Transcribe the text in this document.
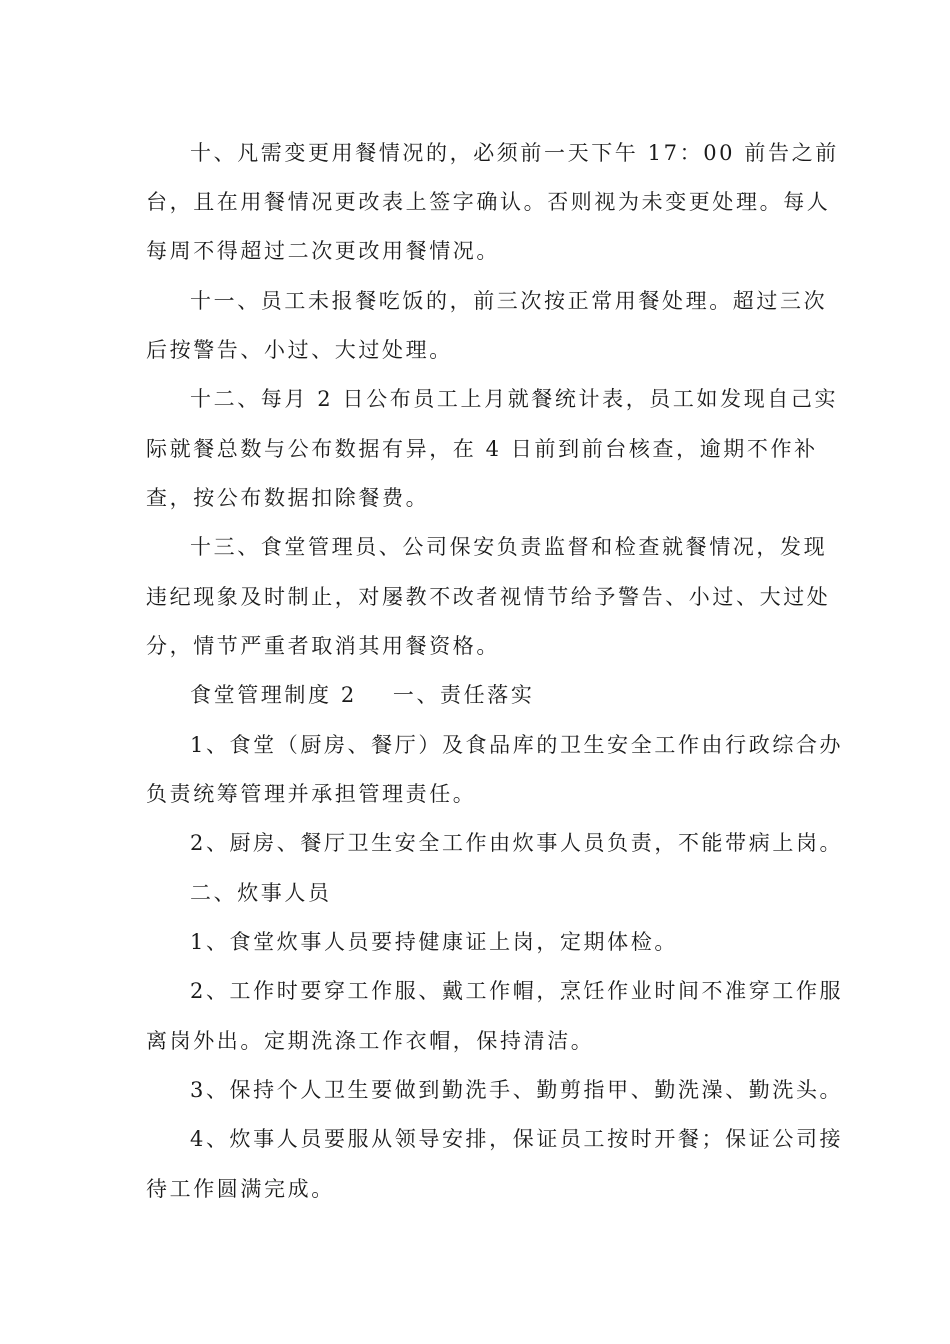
十、凡需变更用餐情况的，必须前一天下午 17：00 前告之前

台，且在用餐情况更改表上签字确认。否则视为未变更处理。每人

每周不得超过二次更改用餐情况。

十一、员工未报餐吃饭的，前三次按正常用餐处理。超过三次

后按警告、小过、大过处理。

十二、每月 2 日公布员工上月就餐统计表，员工如发现自己实

际就餐总数与公布数据有异，在 4 日前到前台核查，逾期不作补

查，按公布数据扣除餐费。

十三、食堂管理员、公司保安负责监督和检查就餐情况，发现

违纪现象及时制止，对屡教不改者视情节给予警告、小过、大过处

分，情节严重者取消其用餐资格。

食堂管理制度 2 一、责任落实

1、食堂（厨房、餐厅）及食品库的卫生安全工作由行政综合办

负责统筹管理并承担管理责任。

2、厨房、餐厅卫生安全工作由炊事人员负责，不能带病上岗。

二、炊事人员

1、食堂炊事人员要持健康证上岗，定期体检。

2、工作时要穿工作服、戴工作帽，烹饪作业时间不准穿工作服

离岗外出。定期洗涤工作衣帽，保持清洁。

3、保持个人卫生要做到勤洗手、勤剪指甲、勤洗澡、勤洗头。

4、炊事人员要服从领导安排，保证员工按时开餐；保证公司接

待工作圆满完成。
